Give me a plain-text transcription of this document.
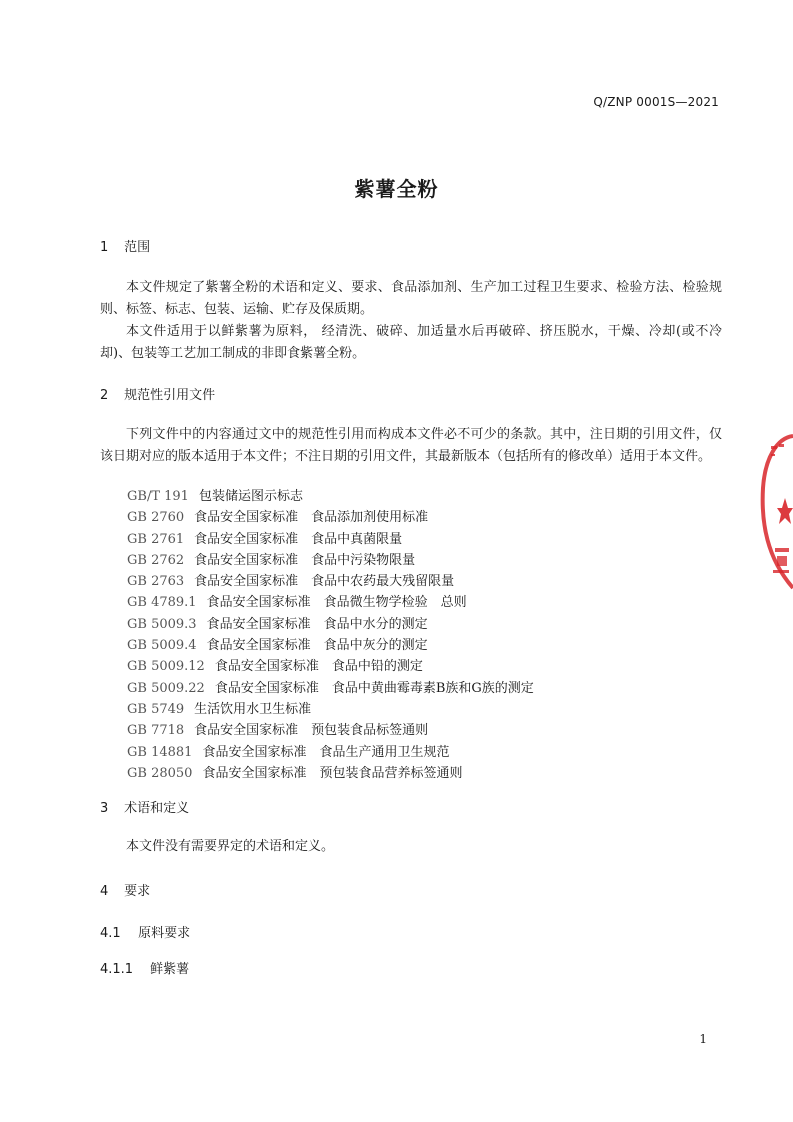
Q/ZNP 0001S—2021
紫薯全粉
1 范围

本文件规定了紫薯全粉的术语和定义、要求、食品添加剂、生产加工过程卫生要求、检验方法、检验规则、标签、标志、包装、运输、贮存及保质期。

本文件适用于以鲜紫薯为原料， 经清洗、破碎、加适量水后再破碎、挤压脱水，干燥、冷却(或不冷却)、包装等工艺加工制成的非即食紫薯全粉。

2 规范性引用文件

下列文件中的内容通过文中的规范性引用而构成本文件必不可少的条款。其中，注日期的引用文件，仅该日期对应的版本适用于本文件；不注日期的引用文件，其最新版本（包括所有的修改单）适用于本文件。

GB/T 191 包装储运图示标志
GB 2760 食品安全国家标准　食品添加剂使用标准
GB 2761 食品安全国家标准　食品中真菌限量
GB 2762 食品安全国家标准　食品中污染物限量
GB 2763 食品安全国家标准　食品中农药最大残留限量
GB 4789.1 食品安全国家标准　食品微生物学检验　总则
GB 5009.3 食品安全国家标准　食品中水分的测定
GB 5009.4 食品安全国家标准　食品中灰分的测定
GB 5009.12 食品安全国家标准　食品中铅的测定
GB 5009.22 食品安全国家标准　食品中黄曲霉毒素B族和G族的测定
GB 5749 生活饮用水卫生标准
GB 7718 食品安全国家标准　预包装食品标签通则
GB 14881 食品安全国家标准　食品生产通用卫生规范
GB 28050 食品安全国家标准　预包装食品营养标签通则
3 术语和定义

本文件没有需要界定的术语和定义。

4 要求
4.1 原料要求
4.1.1 鲜紫薯
1
